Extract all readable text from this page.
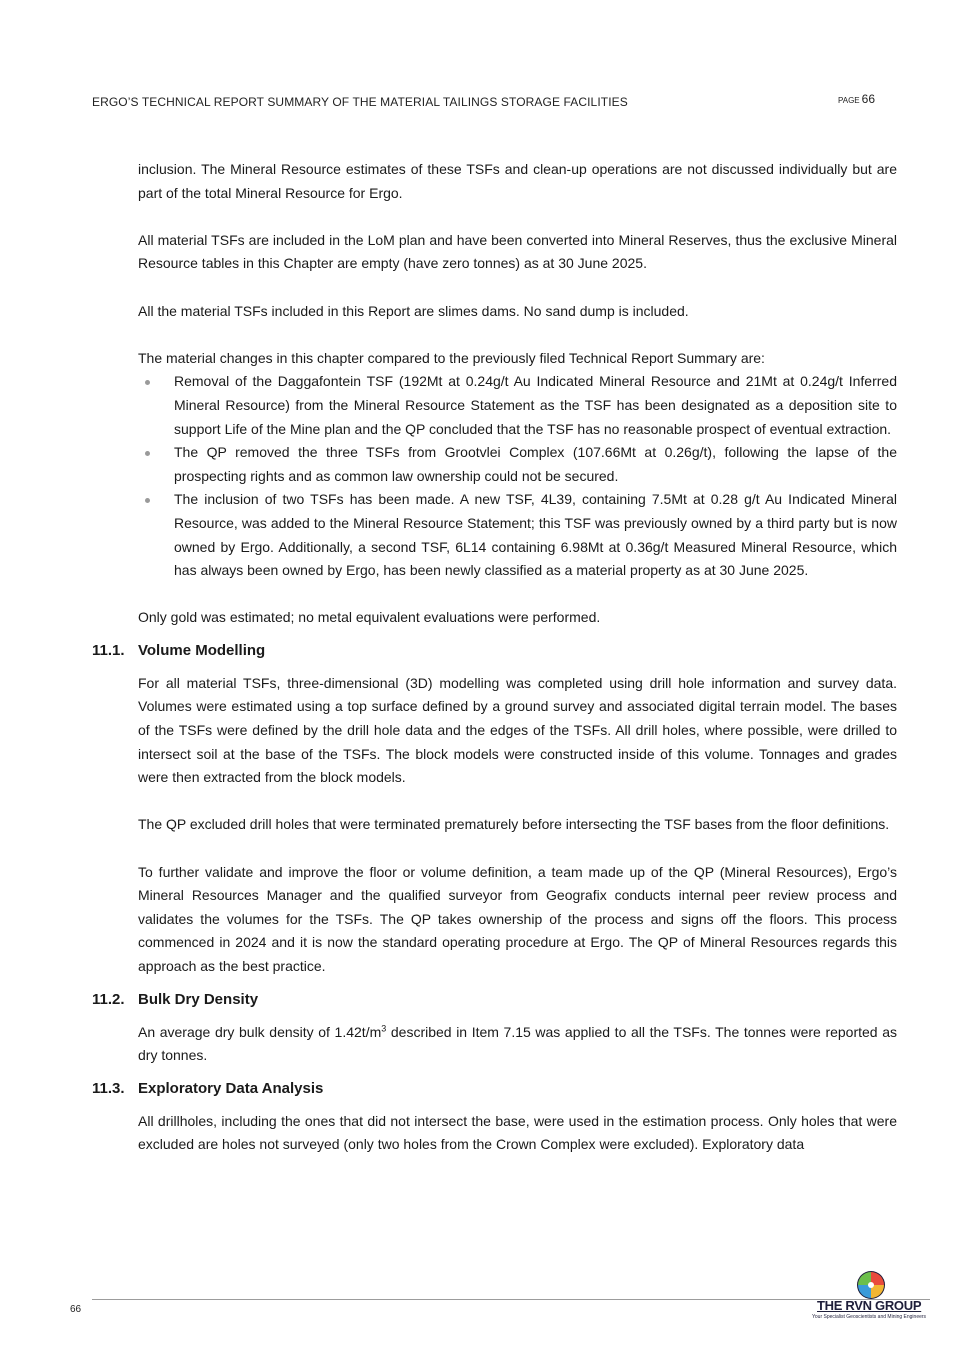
ERGO’S TECHNICAL REPORT SUMMARY OF THE MATERIAL TAILINGS STORAGE FACILITIES	PAGE 66

inclusion. The Mineral Resource estimates of these TSFs and clean-up operations are not discussed individually but are part of the total Mineral Resource for Ergo.

All material TSFs are included in the LoM plan and have been converted into Mineral Reserves, thus the exclusive Mineral Resource tables in this Chapter are empty (have zero tonnes) as at 30 June 2025.

All the material TSFs included in this Report are slimes dams. No sand dump is included.

The material changes in this chapter compared to the previously filed Technical Report Summary are:

Removal of the Daggafontein TSF (192Mt at 0.24g/t Au Indicated Mineral Resource and 21Mt at 0.24g/t Inferred Mineral Resource) from the Mineral Resource Statement as the TSF has been designated as a deposition site to support Life of the Mine plan and the QP concluded that the TSF has no reasonable prospect of eventual extraction.
The QP removed the three TSFs from Grootvlei Complex (107.66Mt at 0.26g/t), following the lapse of the prospecting rights and as common law ownership could not be secured.
The inclusion of two TSFs has been made. A new TSF, 4L39, containing 7.5Mt at 0.28 g/t Au Indicated Mineral Resource, was added to the Mineral Resource Statement; this TSF was previously owned by a third party but is now owned by Ergo. Additionally, a second TSF, 6L14 containing 6.98Mt at 0.36g/t Measured Mineral Resource, which has always been owned by Ergo, has been newly classified as a material property as at 30 June 2025.

Only gold was estimated; no metal equivalent evaluations were performed.

11.1. Volume Modelling

For all material TSFs, three-dimensional (3D) modelling was completed using drill hole information and survey data. Volumes were estimated using a top surface defined by a ground survey and associated digital terrain model. The bases of the TSFs were defined by the drill hole data and the edges of the TSFs. All drill holes, where possible, were drilled to intersect soil at the base of the TSFs. The block models were constructed inside of this volume. Tonnages and grades were then extracted from the block models.

The QP excluded drill holes that were terminated prematurely before intersecting the TSF bases from the floor definitions.

To further validate and improve the floor or volume definition, a team made up of the QP (Mineral Resources), Ergo’s Mineral Resources Manager and the qualified surveyor from Geografix conducts internal peer review process and validates the volumes for the TSFs. The QP takes ownership of the process and signs off the floors. This process commenced in 2024 and it is now the standard operating procedure at Ergo. The QP of Mineral Resources regards this approach as the best practice.

11.2. Bulk Dry Density

An average dry bulk density of $1.42t/m^3$ described in Item 7.15 was applied to all the TSFs. The tonnes were reported as dry tonnes.

11.3. Exploratory Data Analysis

All drillholes, including the ones that did not intersect the base, were used in the estimation process. Only holes that were excluded are holes not surveyed (only two holes from the Crown Complex were excluded). Exploratory data

66	THE RVN GROUP
Your Specialist Geoscientists and Mining Engineers
